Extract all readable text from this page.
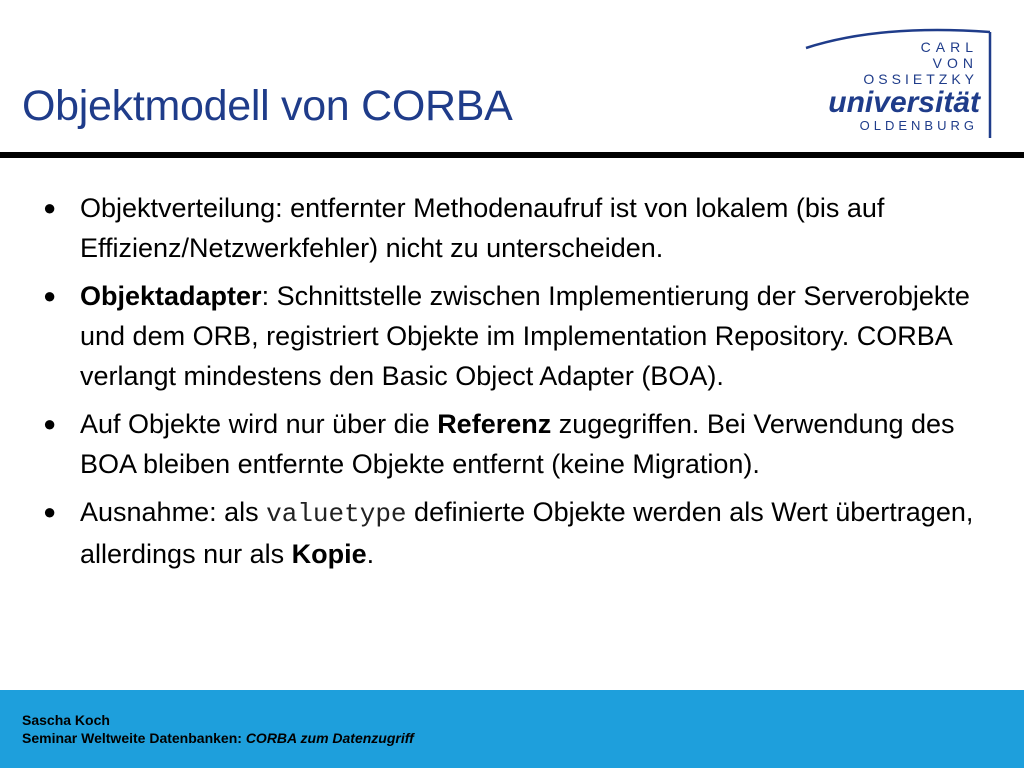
Objektmodell von CORBA
CARL
VON
OSSIETZKY
universität
OLDENBURG
● Objektverteilung: entfernter Methodenaufruf ist von lokalem (bis auf Effizienz/Netzwerkfehler) nicht zu unterscheiden.
● Objektadapter: Schnittstelle zwischen Implementierung der Serverobjekte und dem ORB, registriert Objekte im Implementation Repository. CORBA verlangt mindestens den Basic Object Adapter (BOA).
● Auf Objekte wird nur über die Referenz zugegriffen. Bei Verwendung des BOA bleiben entfernte Objekte entfernt (keine Migration).
● Ausnahme: als valuetype definierte Objekte werden als Wert übertragen, allerdings nur als Kopie.
Sascha Koch
Seminar Weltweite Datenbanken: CORBA zum Datenzugriff
